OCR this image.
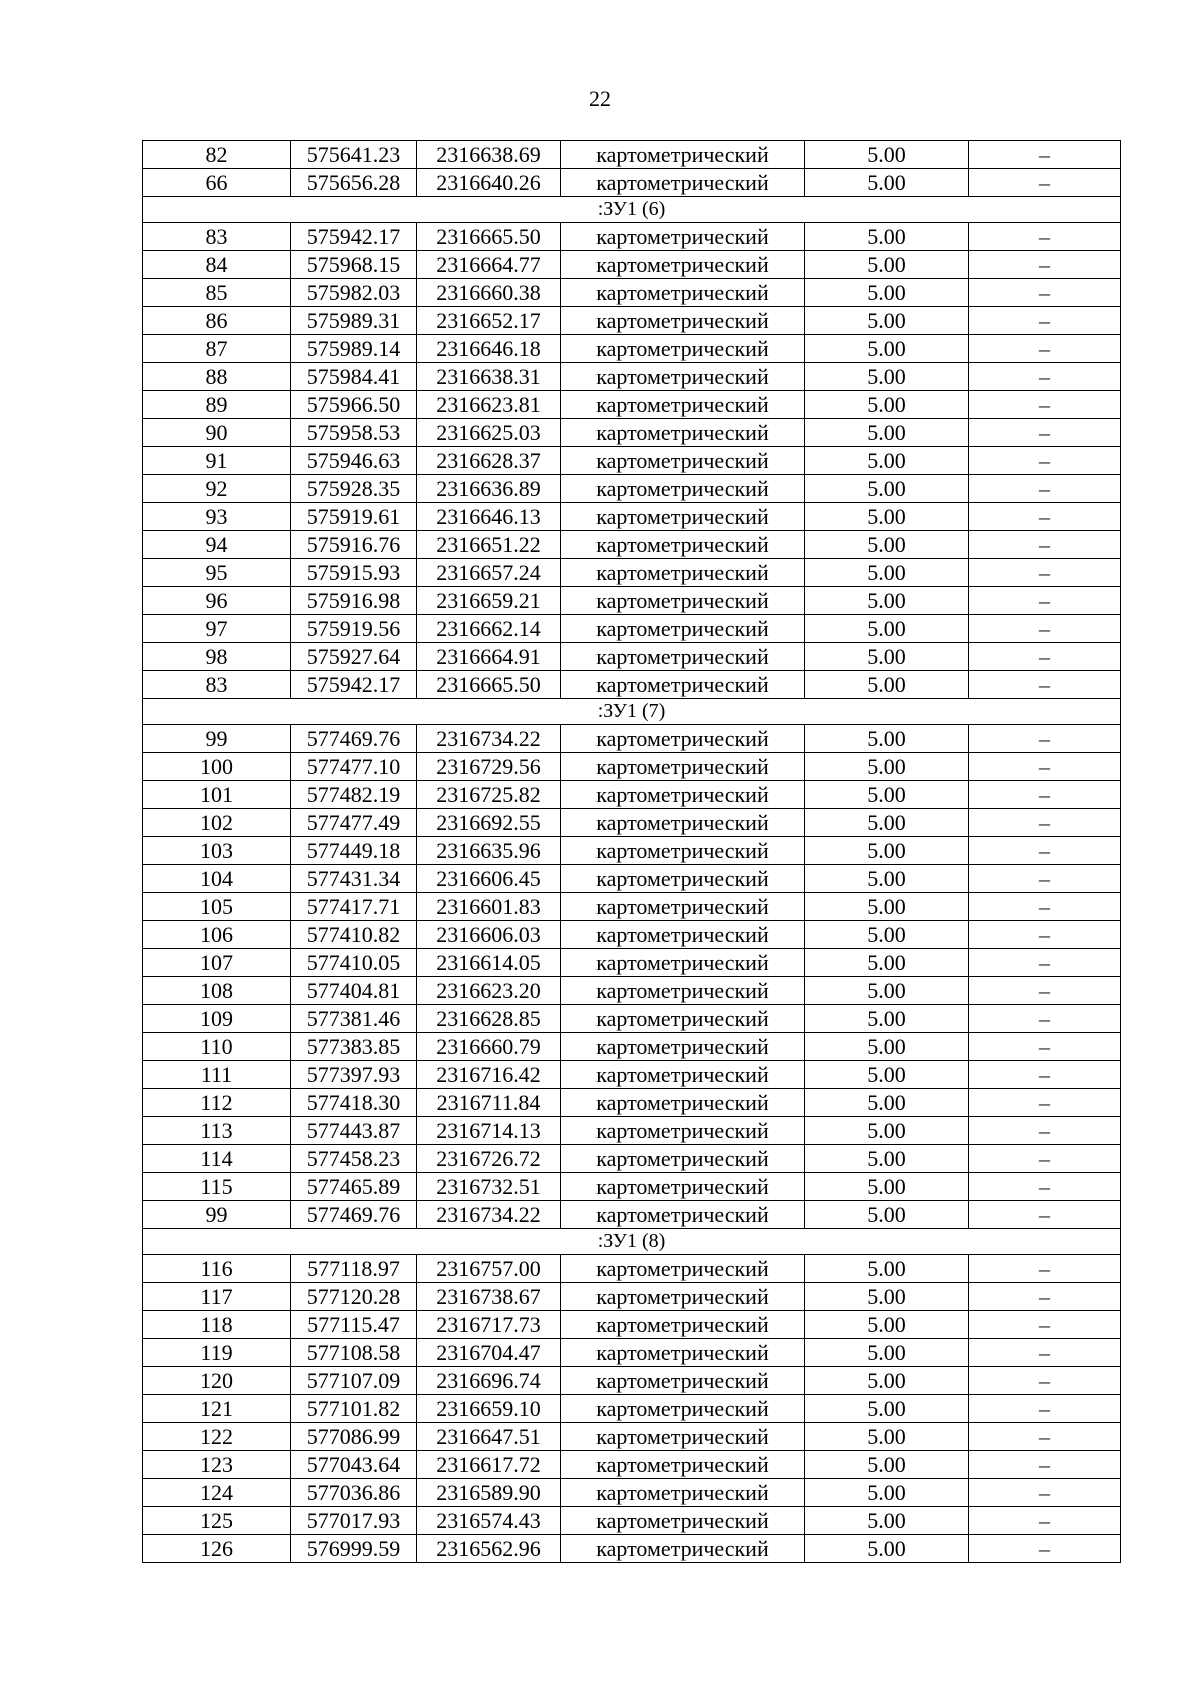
22
82	575641.23	2316638.69	картометрический	5.00	–
66	575656.28	2316640.26	картометрический	5.00	–
:ЗУ1 (6)					
83	575942.17	2316665.50	картометрический	5.00	–
84	575968.15	2316664.77	картометрический	5.00	–
85	575982.03	2316660.38	картометрический	5.00	–
86	575989.31	2316652.17	картометрический	5.00	–
87	575989.14	2316646.18	картометрический	5.00	–
88	575984.41	2316638.31	картометрический	5.00	–
89	575966.50	2316623.81	картометрический	5.00	–
90	575958.53	2316625.03	картометрический	5.00	–
91	575946.63	2316628.37	картометрический	5.00	–
92	575928.35	2316636.89	картометрический	5.00	–
93	575919.61	2316646.13	картометрический	5.00	–
94	575916.76	2316651.22	картометрический	5.00	–
95	575915.93	2316657.24	картометрический	5.00	–
96	575916.98	2316659.21	картометрический	5.00	–
97	575919.56	2316662.14	картометрический	5.00	–
98	575927.64	2316664.91	картометрический	5.00	–
83	575942.17	2316665.50	картометрический	5.00	–
:ЗУ1 (7)					
99	577469.76	2316734.22	картометрический	5.00	–
100	577477.10	2316729.56	картометрический	5.00	–
101	577482.19	2316725.82	картометрический	5.00	–
102	577477.49	2316692.55	картометрический	5.00	–
103	577449.18	2316635.96	картометрический	5.00	–
104	577431.34	2316606.45	картометрический	5.00	–
105	577417.71	2316601.83	картометрический	5.00	–
106	577410.82	2316606.03	картометрический	5.00	–
107	577410.05	2316614.05	картометрический	5.00	–
108	577404.81	2316623.20	картометрический	5.00	–
109	577381.46	2316628.85	картометрический	5.00	–
110	577383.85	2316660.79	картометрический	5.00	–
111	577397.93	2316716.42	картометрический	5.00	–
112	577418.30	2316711.84	картометрический	5.00	–
113	577443.87	2316714.13	картометрический	5.00	–
114	577458.23	2316726.72	картометрический	5.00	–
115	577465.89	2316732.51	картометрический	5.00	–
99	577469.76	2316734.22	картометрический	5.00	–
:ЗУ1 (8)					
116	577118.97	2316757.00	картометрический	5.00	–
117	577120.28	2316738.67	картометрический	5.00	–
118	577115.47	2316717.73	картометрический	5.00	–
119	577108.58	2316704.47	картометрический	5.00	–
120	577107.09	2316696.74	картометрический	5.00	–
121	577101.82	2316659.10	картометрический	5.00	–
122	577086.99	2316647.51	картометрический	5.00	–
123	577043.64	2316617.72	картометрический	5.00	–
124	577036.86	2316589.90	картометрический	5.00	–
125	577017.93	2316574.43	картометрический	5.00	–
126	576999.59	2316562.96	картометрический	5.00	–
